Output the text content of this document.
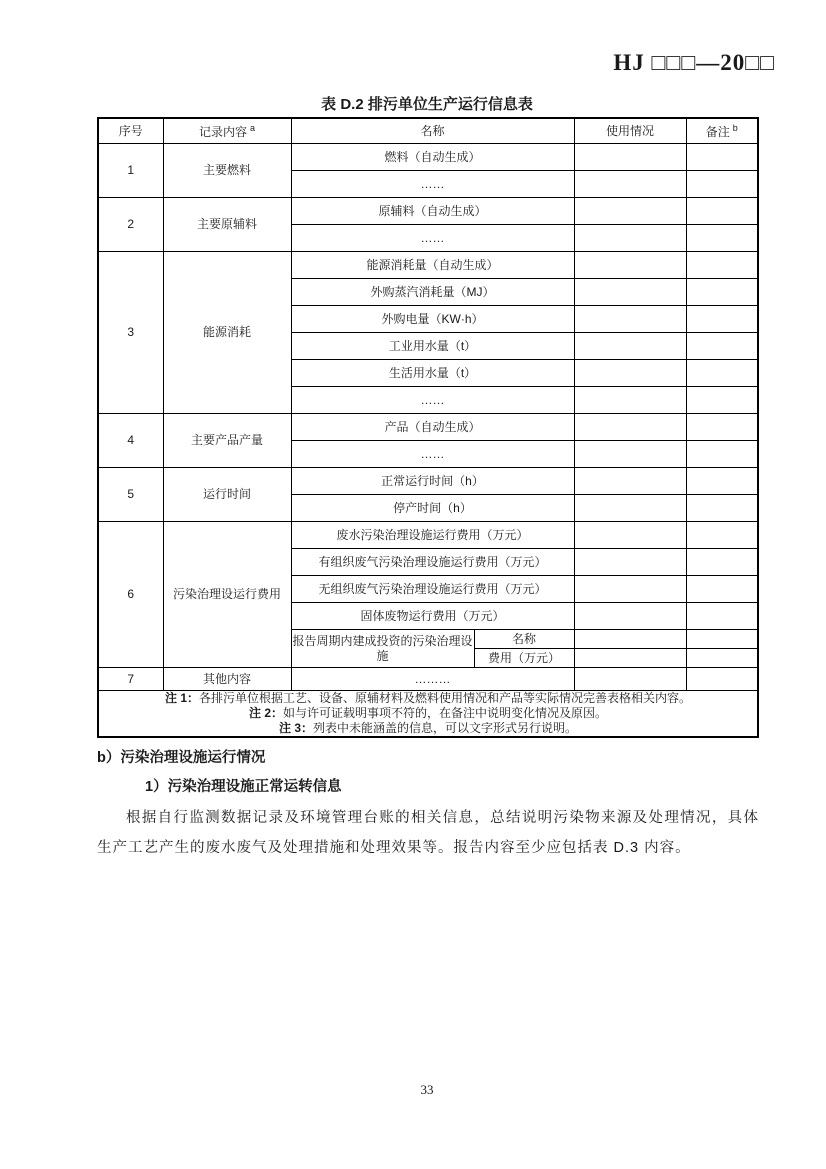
HJ □□□—20□□
表 D.2 排污单位生产运行信息表
序号	记录内容 $^a$	名称		使用情况	备注 $^b$
1	主要燃料	燃料（自动生成）			
		……			
2	主要原辅料	原辅料（自动生成）			
		……			
3	能源消耗	能源消耗量（自动生成）			
		外购蒸汽消耗量（MJ）			
		外购电量（KW·h）			
		工业用水量（t）			
		生活用水量（t）			
		……			
4	主要产品产量	产品（自动生成）			
		……			
5	运行时间	正常运行时间（h）			
		停产时间（h）			
6	污染治理设运行费用	废水污染治理设施运行费用（万元）			
		有组织废气污染治理设施运行费用（万元）			
		无组织废气污染治理设施运行费用（万元）			
		固体废物运行费用（万元）			
		报告周期内建成投资的污染治理设施	名称		
			费用（万元）		
7	其他内容	………			

注 1：各排污单位根据工艺、设备、原辅材料及燃料使用情况和产品等实际情况完善表格相关内容。
注 2：如与许可证载明事项不符的，在备注中说明变化情况及原因。
注 3：列表中未能涵盖的信息，可以文字形式另行说明。					

b）污染治理设施运行情况

1）污染治理设施正常运转信息

根据自行监测数据记录及环境管理台账的相关信息，总结说明污染物来源及处理情况，具体生产工艺产生的废水废气及处理措施和处理效果等。报告内容至少应包括表 D.3 内容。

33
